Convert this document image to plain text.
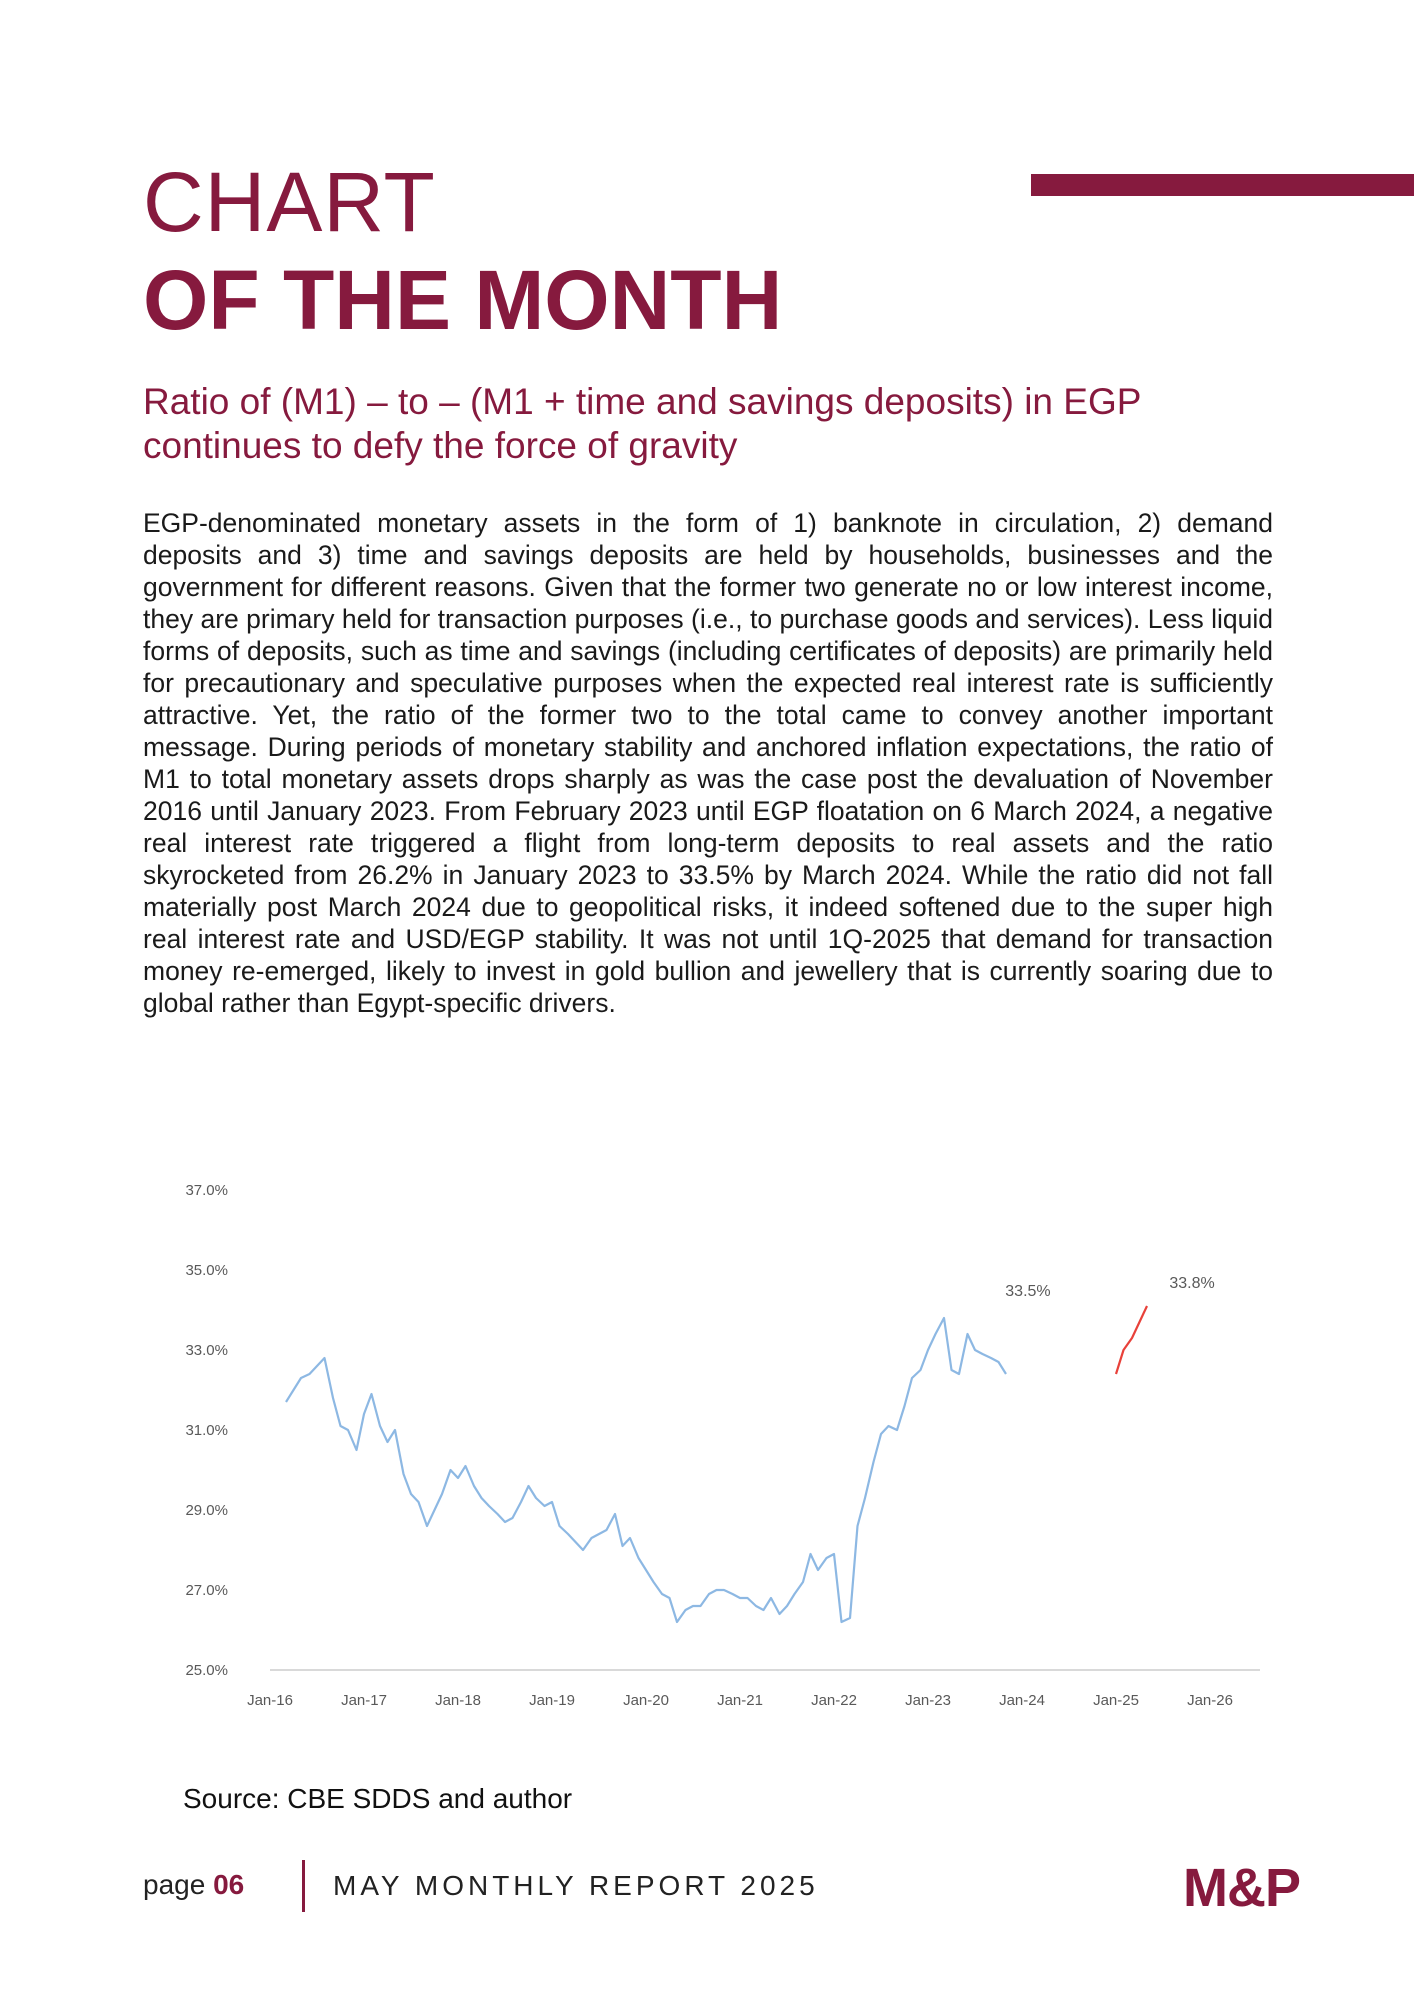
CHART
OF THE MONTH
Ratio of (M1) – to – (M1 + time and savings deposits) in EGP continues to defy the force of gravity
EGP-denominated monetary assets in the form of 1) banknote in circulation, 2) demand deposits and 3) time and savings deposits are held by households, businesses and the government for different reasons. Given that the former two generate no or low interest income, they are primary held for transaction purposes (i.e., to purchase goods and services). Less liquid forms of deposits, such as time and savings (including certificates of deposits) are primarily held for precautionary and speculative purposes when the expected real interest rate is sufficiently attractive. Yet, the ratio of the former two to the total came to convey another important message. During periods of monetary stability and anchored inflation expectations, the ratio of M1 to total monetary assets drops sharply as was the case post the devaluation of November 2016 until January 2023. From February 2023 until EGP floatation on 6 March 2024, a negative real interest rate triggered a flight from long-term deposits to real assets and the ratio skyrocketed from 26.2% in January 2023 to 33.5% by March 2024. While the ratio did not fall materially post March 2024 due to geopolitical risks, it indeed softened due to the super high real interest rate and USD/EGP stability. It was not until 1Q-2025 that demand for transaction money re-emerged, likely to invest in gold bullion and jewellery that is currently soaring due to global rather than Egypt-specific drivers.
37.0%
35.0%
33.0%
31.0%
29.0%
27.0%
25.0%
Jan-16	Jan-17	Jan-18	Jan-19	Jan-20	Jan-21	Jan-22	Jan-23	Jan-24	Jan-25	Jan-26
33.5%	33.8%
Source: CBE SDDS and author
page 06	MAY MONTHLY REPORT 2025	M&P
